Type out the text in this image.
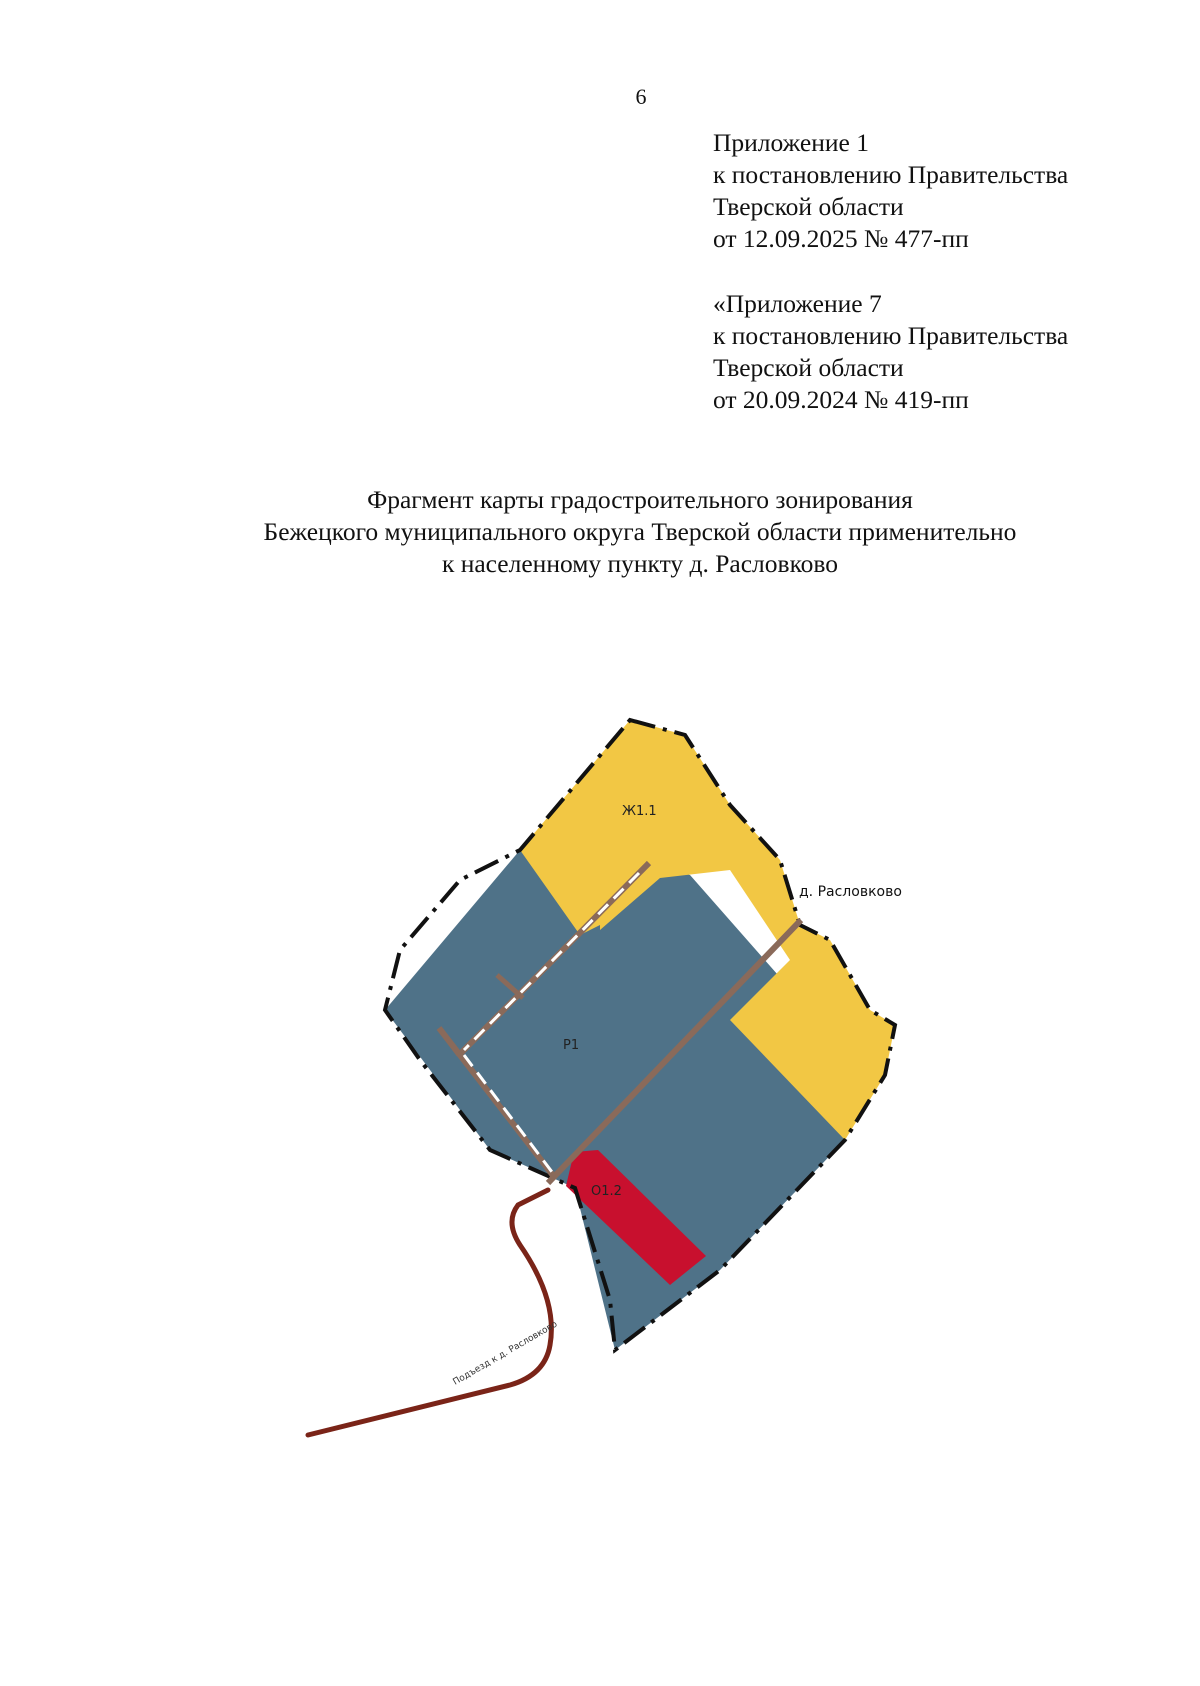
6
Приложение 1
к постановлению Правительства
Тверской области
от 12.09.2025 № 477-пп
«Приложение 7
к постановлению Правительства
Тверской области
от 20.09.2024 № 419-пп
Фрагмент карты градостроительного зонирования
Бежецкого муниципального округа Тверской области применительно
к населенному пункту д. Расловково
Ж1.1
Р1
О1.2
д. Расловково
Подъезд к д. Расловково
